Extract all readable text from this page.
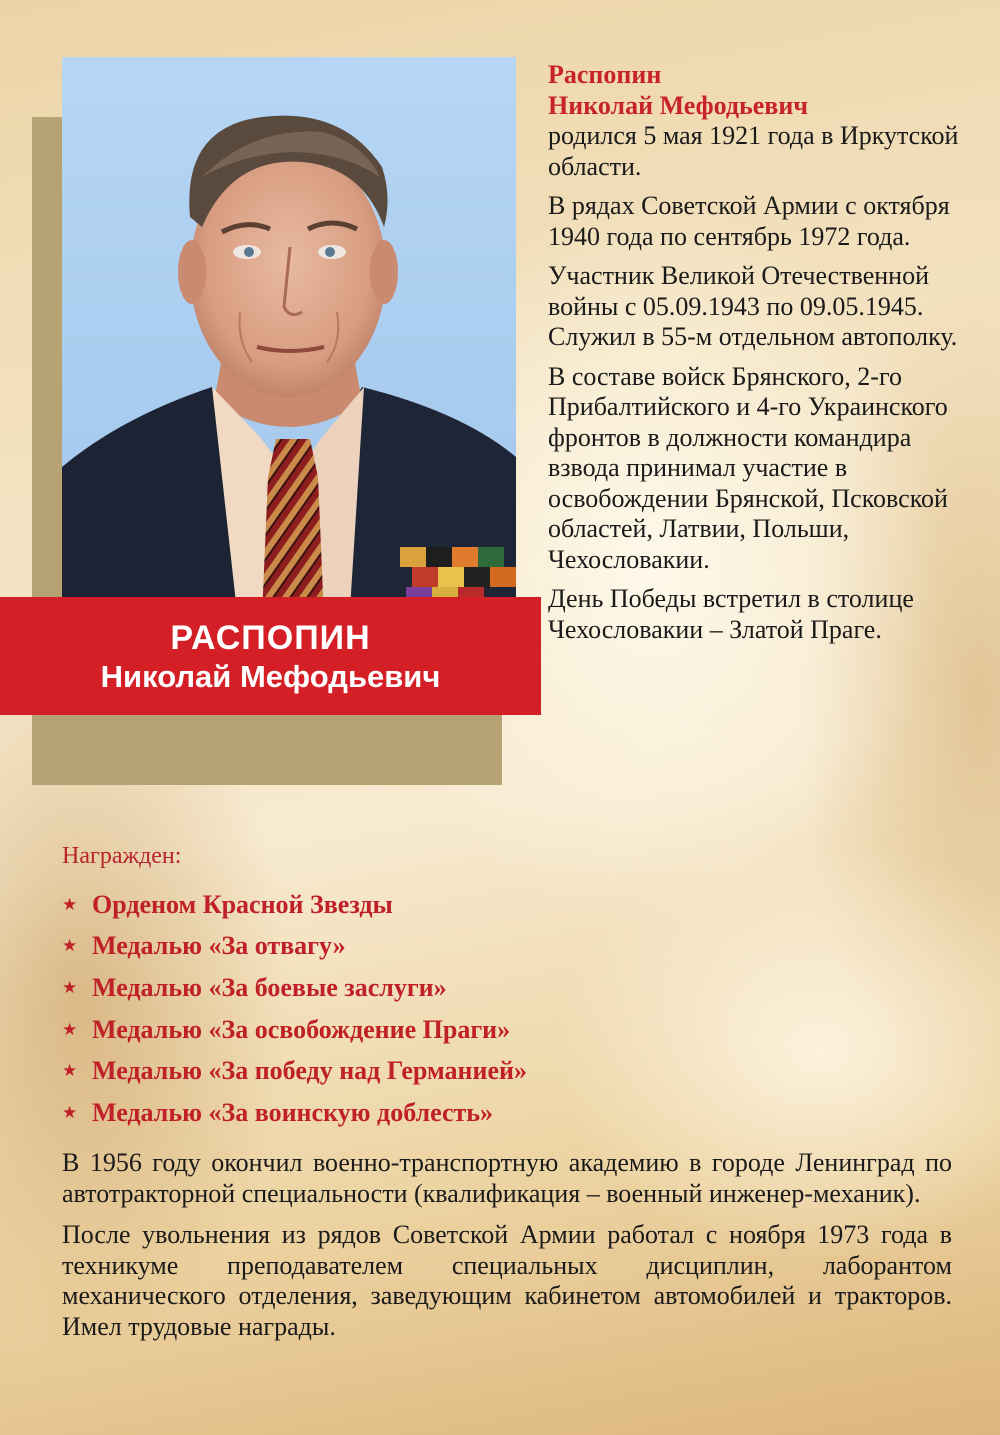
РАСПОПИН
Николай Мефодьевич
Распопин
Николай Мефодьевич

родился 5 мая 1921 года в Иркутской области.

В рядах Советской Армии с октября 1940 года по сентябрь 1972 года.

Участник Великой Отечественной войны с 05.09.1943 по 09.05.1945. Служил в 55-м отдельном автополку.

В составе войск Брянского, 2-го Прибалтийского и 4-го Украинского фронтов в должности командира взвода принимал участие в освобождении Брянской, Псковской областей, Латвии, Польши, Чехословакии.

День Победы встретил в столице Чехословакии – Златой Праге.

Награжден:
★ Орденом Красной Звезды
★ Медалью «За отвагу»
★ Медалью «За боевые заслуги»
★ Медалью «За освобождение Праги»
★ Медалью «За победу над Германией»
★ Медалью «За воинскую доблесть»

В 1956 году окончил военно-транспортную академию в городе Ленинград по автотракторной специальности (квалификация – военный инженер-механик).

После увольнения из рядов Советской Армии работал с ноября 1973 года в техникуме преподавателем специальных дисциплин, лаборантом механического отделения, заведующим кабинетом автомобилей и тракторов. Имел трудовые награды.
